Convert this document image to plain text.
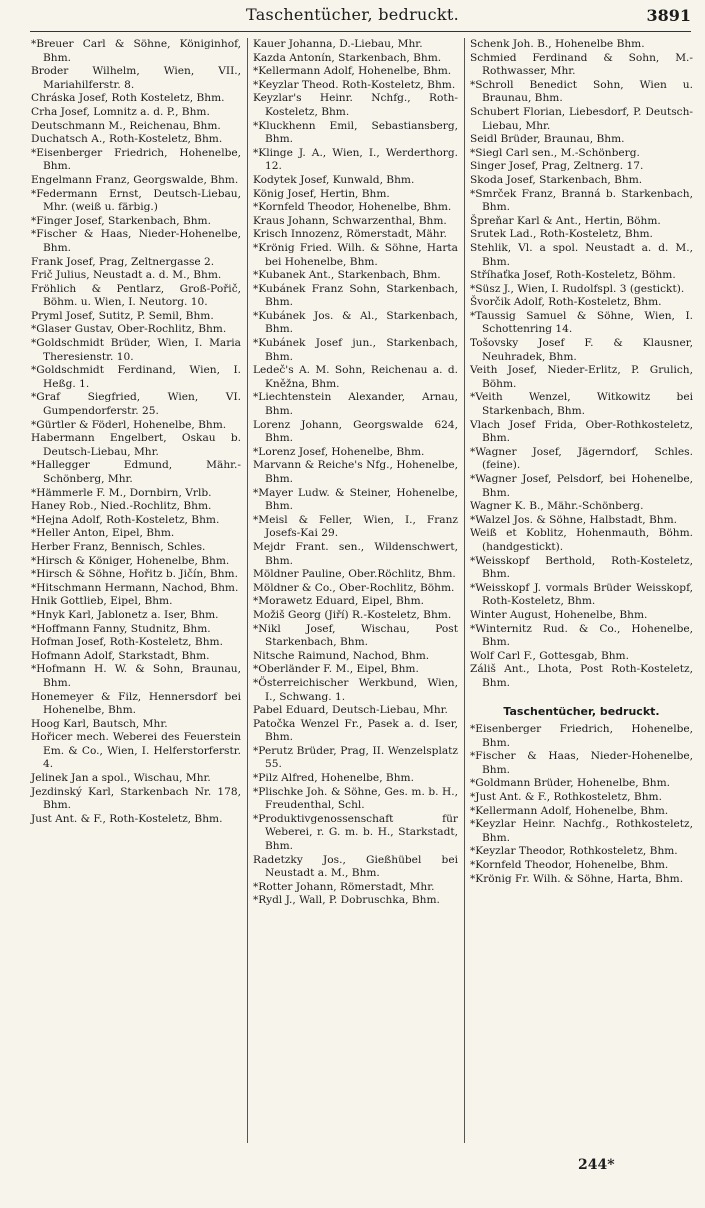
Taschentücher, bedruckt.	3891
*Breuer Carl & Söhne, Königinhof, Bhm.
Broder Wilhelm, Wien, VII., Mariahilferstr. 8.
Chráska Josef, Roth Kosteletz, Bhm.
Crha Josef, Lomnitz a. d. P., Bhm.
Deutschmann M., Reichenau, Bhm.
Duchatsch A., Roth-Kosteletz, Bhm.
*Eisenberger Friedrich, Hohenelbe, Bhm.
Engelmann Franz, Georgswalde, Bhm.
*Federmann Ernst, Deutsch-Liebau, Mhr. (weiß u. färbig.)
*Finger Josef, Starkenbach, Bhm.
*Fischer & Haas, Nieder-Hohenelbe, Bhm.
Frank Josef, Prag, Zeltnergasse 2.
Frič Julius, Neustadt a. d. M., Bhm.
Fröhlich & Pentlarz, Groß-Pořič, Böhm. u. Wien, I. Neutorg. 10.
Pryml Josef, Sutitz, P. Semil, Bhm.
*Glaser Gustav, Ober-Rochlitz, Bhm.
*Goldschmidt Brüder, Wien, I. Maria Theresienstr. 10.
*Goldschmidt Ferdinand, Wien, I. Heßg. 1.
*Graf Siegfried, Wien, VI. Gumpendorferstr. 25.
*Gürtler & Föderl, Hohenelbe, Bhm.
Habermann Engelbert, Oskau b. Deutsch-Liebau, Mhr.
*Hallegger Edmund, Mähr.-Schönberg, Mhr.
*Hämmerle F. M., Dornbirn, Vrlb.
Haney Rob., Nied.-Rochlitz, Bhm.
*Hejna Adolf, Roth-Kosteletz, Bhm.
*Heller Anton, Eipel, Bhm.
Herber Franz, Bennisch, Schles.
*Hirsch & Königer, Hohenelbe, Bhm.
*Hirsch & Söhne, Hořitz b. Jičín, Bhm.
*Hitschmann Hermann, Nachod, Bhm.
Hnik Gottlieb, Eipel, Bhm.
*Hnyk Karl, Jablonetz a. Iser, Bhm.
*Hoffmann Fanny, Studnitz, Bhm.
Hofman Josef, Roth-Kosteletz, Bhm.
Hofmann Adolf, Starkstadt, Bhm.
*Hofmann H. W. & Sohn, Braunau, Bhm.
Honemeyer & Filz, Hennersdorf bei Hohenelbe, Bhm.
Hoog Karl, Bautsch, Mhr.
Hořicer mech. Weberei des Feuerstein Em. & Co., Wien, I. Helferstorferstr. 4.
Jelinek Jan a spol., Wischau, Mhr.
Jezdinský Karl, Starkenbach Nr. 178, Bhm.
Just Ant. & F., Roth-Kosteletz, Bhm.
Kauer Johanna, D.-Liebau, Mhr.
Kazda Antonín, Starkenbach, Bhm.
*Kellermann Adolf, Hohenelbe, Bhm.
*Keyzlar Theod. Roth-Kosteletz, Bhm.
Keyzlar's Heinr. Nchfg., Roth-Kosteletz, Bhm.
*Kluckhenn Emil, Sebastiansberg, Bhm.
*Klinge J. A., Wien, I., Werderthorg. 12.
Kodytek Josef, Kunwald, Bhm.
König Josef, Hertin, Bhm.
*Kornfeld Theodor, Hohenelbe, Bhm.
Kraus Johann, Schwarzenthal, Bhm.
Krisch Innozenz, Römerstadt, Mähr.
*Krönig Fried. Wilh. & Söhne, Harta bei Hohenelbe, Bhm.
*Kubanek Ant., Starkenbach, Bhm.
*Kubánek Franz Sohn, Starkenbach, Bhm.
*Kubánek Jos. & Al., Starkenbach, Bhm.
*Kubánek Josef jun., Starkenbach, Bhm.
Ledeč's A. M. Sohn, Reichenau a. d. Kněžna, Bhm.
*Liechtenstein Alexander, Arnau, Bhm.
Lorenz Johann, Georgswalde 624, Bhm.
*Lorenz Josef, Hohenelbe, Bhm.
Marvann & Reiche's Nfg., Hohenelbe, Bhm.
*Mayer Ludw. & Steiner, Hohenelbe, Bhm.
*Meisl & Feller, Wien, I., Franz Josefs-Kai 29.
Mejdr Frant. sen., Wildenschwert, Bhm.
Möldner Pauline, Ober.Röchlitz, Bhm.
Möldner & Co., Ober-Rochlitz, Böhm.
*Morawetz Eduard, Eipel, Bhm.
Možiš Georg (Jiří) R.-Kosteletz, Bhm.
*Nikl Josef, Wischau, Post Starkenbach, Bhm.
Nitsche Raimund, Nachod, Bhm.
*Oberländer F. M., Eipel, Bhm.
*Österreichischer Werkbund, Wien, I., Schwang. 1.
Pabel Eduard, Deutsch-Liebau, Mhr.
Patočka Wenzel Fr., Pasek a. d. Iser, Bhm.
*Perutz Brüder, Prag, II. Wenzelsplatz 55.
*Pilz Alfred, Hohenelbe, Bhm.
*Plischke Joh. & Söhne, Ges. m. b. H., Freudenthal, Schl.
*Produktivgenossenschaft für Weberei, r. G. m. b. H., Starkstadt, Bhm.
Radetzky Jos., Gießhübel bei Neustadt a. M., Bhm.
*Rotter Johann, Römerstadt, Mhr.
*Rydl J., Wall, P. Dobruschka, Bhm.
Schenk Joh. B., Hohenelbe Bhm.
Schmied Ferdinand & Sohn, M.-Rothwasser, Mhr.
*Schroll Benedict Sohn, Wien u. Braunau, Bhm.
Schubert Florian, Liebesdorf, P. Deutsch-Liebau, Mhr.
Seidl Brüder, Braunau, Bhm.
*Siegl Carl sen., M.-Schönberg.
Singer Josef, Prag, Zeltnerg. 17.
Skoda Josef, Starkenbach, Bhm.
*Smrček Franz, Branná b. Starkenbach, Bhm.
Špreňar Karl & Ant., Hertin, Böhm.
Srutek Lad., Roth-Kosteletz, Bhm.
Stehlik, Vl. a spol. Neustadt a. d. M., Bhm.
Stříhaťka Josef, Roth-Kosteletz, Böhm.
*Süsz J., Wien, I. Rudolfspl. 3 (gestickt).
Švorčik Adolf, Roth-Kosteletz, Bhm.
*Taussig Samuel & Söhne, Wien, I. Schottenring 14.
Tošovsky Josef F. & Klausner, Neuhradek, Bhm.
Veith Josef, Nieder-Erlitz, P. Grulich, Böhm.
*Veith Wenzel, Witkowitz bei Starkenbach, Bhm.
Vlach Josef Frida, Ober-Rothkosteletz, Bhm.
*Wagner Josef, Jägerndorf, Schles. (feine).
*Wagner Josef, Pelsdorf, bei Hohenelbe, Bhm.
Wagner K. B., Mähr.-Schönberg.
*Walzel Jos. & Söhne, Halbstadt, Bhm.
Weiß et Koblitz, Hohenmauth, Böhm. (handgestickt).
*Weisskopf Berthold, Roth-Kosteletz, Bhm.
*Weisskopf J. vormals Brüder Weisskopf, Roth-Kosteletz, Bhm.
Winter August, Hohenelbe, Bhm.
*Winternitz Rud. & Co., Hohenelbe, Bhm.
Wolf Carl F., Gottesgab, Bhm.
Záliš Ant., Lhota, Post Roth-Kosteletz, Bhm.
Taschentücher, bedruckt.
*Eisenberger Friedrich, Hohenelbe, Bhm.
*Fischer & Haas, Nieder-Hohenelbe, Bhm.
*Goldmann Brüder, Hohenelbe, Bhm.
*Just Ant. & F., Rothkosteletz, Bhm.
*Kellermann Adolf, Hohenelbe, Bhm.
*Keyzlar Heinr. Nachfg., Rothkosteletz, Bhm.
*Keyzlar Theodor, Rothkosteletz, Bhm.
*Kornfeld Theodor, Hohenelbe, Bhm.
*Krönig Fr. Wilh. & Söhne, Harta, Bhm.
244*
